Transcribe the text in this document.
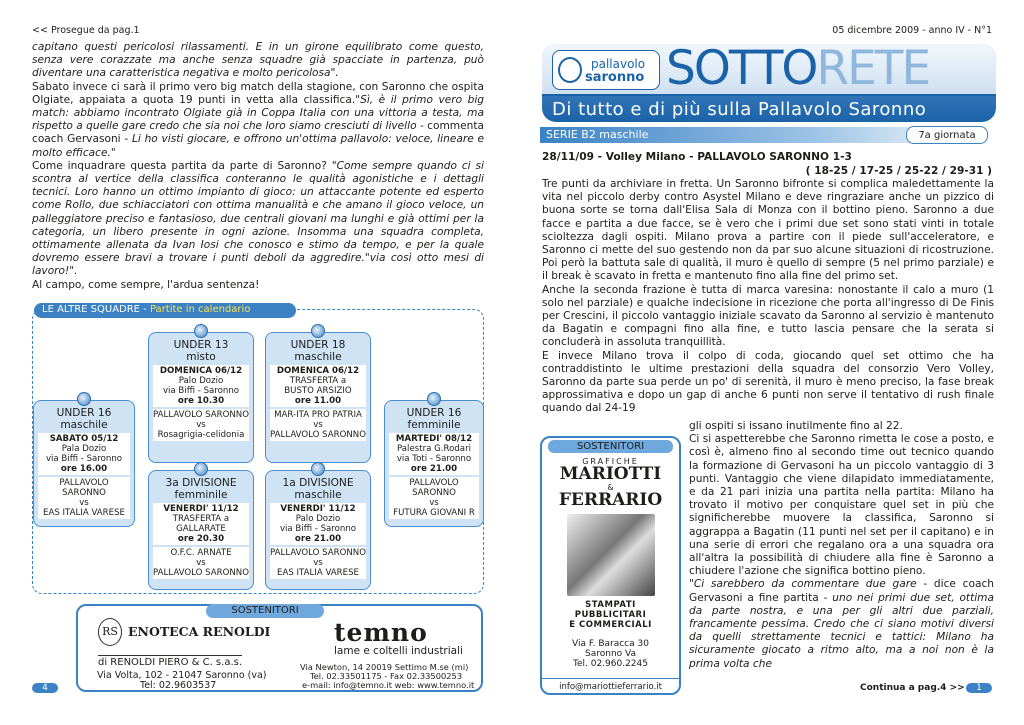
<< Prosegue da pag.1	05 dicembre 2009 - anno IV - N°1
capitano questi pericolosi rilassamenti. E in un girone equilibrato come questo, senza vere corazzate ma anche senza squadre già spacciate in partenza, può diventare una caratteristica negativa e molto pericolosa".
Sabato invece ci sarà il primo vero big match della stagione, con Saronno che ospita Olgiate, appaiata a quota 19 punti in vetta alla classifica."Sì, è il primo vero big match: abbiamo incontrato Olgiate già in Coppa Italia con una vittoria a testa, ma rispetto a quelle gare credo che sia noi che loro siamo cresciuti di livello - commenta coach Gervasoni - Li ho visti giocare, e offrono un'ottima pallavolo: veloce, lineare e molto efficace."
Come inquadrare questa partita da parte di Saronno? "Come sempre quando ci si scontra al vertice della classifica conteranno le qualità agonistiche e i dettagli tecnici. Loro hanno un ottimo impianto di gioco: un attaccante potente ed esperto come Rollo, due schiacciatori con ottima manualità e che amano il gioco veloce, un palleggiatore preciso e fantasioso, due centrali giovani ma lunghi e già ottimi per la categoria, un libero presente in ogni azione. Insomma una squadra completa, ottimamente allenata da Ivan Iosi che conosco e stimo da tempo, e per la quale dovremo essere bravi a trovare i punti deboli da aggredire."via così otto mesi di lavoro!".
Al campo, come sempre, l'ardua sentenza!
LE ALTRE SQUADRE - Partite in calendario
UNDER 13
misto
DOMENICA 06/12
Palo Dozio
via Biffi - Saronno
ore 10.30
PALLAVOLO SARONNO
vs
Rosagrigia-celidonia
UNDER 18
maschile
DOMENICA 06/12
TRASFERTA a
BUSTO ARSIZIO
ore 11.00
MAR-ITA PRO PATRIA
vs
PALLAVOLO SARONNO
UNDER 16
maschile
SABATO 05/12
Pala Dozio
via Biffi - Saronno
ore 16.00
PALLAVOLO SARONNO
vs
EAS ITALIA VARESE
UNDER 16
femminile
MARTEDI' 08/12
Palestra G.Rodari
via Toti - Saronno
ore 21.00
PALLAVOLO SARONNO
vs
FUTURA GIOVANI R
3a DIVISIONE
femminile
VENERDI' 11/12
TRASFERTA a
GALLARATE
ore 20.30
O.F.C. ARNATE
vs
PALLAVOLO SARONNO
1a DIVISIONE
maschile
VENERDI' 11/12
Palo Dozio
via Biffi - Saronno
ore 21.00
PALLAVOLO SARONNO
vs
EAS ITALIA VARESE
SOSTENITORI
RS ENOTECA RENOLDI
di RENOLDI PIERO & C. s.a.s.
Via Volta, 102 - 21047 Saronno (va)
Tel: 02.9603537
temno
lame e coltelli industriali
Via Newton, 14 20019 Settimo M.se (mi)
Tel. 02.33501175 - Fax 02.33500253
e-mail: info@temno.it web: www.temno.it
4
pallavolo
saronno SOTTORETE
Di tutto e di più sulla Pallavolo Saronno
SERIE B2 maschile	7a giornata
28/11/09 - Volley Milano - PALLAVOLO SARONNO 1-3
( 18-25 / 17-25 / 25-22 / 29-31 )

Tre punti da archiviare in fretta. Un Saronno bifronte si complica maledettamente la vita nel piccolo derby contro Asystel Milano e deve ringraziare anche un pizzico di buona sorte se torna dall'Elisa Sala di Monza con il bottino pieno. Saronno a due facce e partita a due facce, se è vero che i primi due set sono stati vinti in totale scioltezza dagli ospiti. Milano prova a partire con il piede sull'acceleratore, e Saronno ci mette del suo gestendo non da par suo alcune situazioni di ricostruzione. Poi però la battuta sale di qualità, il muro è quello di sempre (5 nel primo parziale) e il break è scavato in fretta e mantenuto fino alla fine del primo set.

Anche la seconda frazione è tutta di marca varesina: nonostante il calo a muro (1 solo nel parziale) e qualche indecisione in ricezione che porta all'ingresso di De Finis per Crescini, il piccolo vantaggio iniziale scavato da Saronno al servizio è mantenuto da Bagatin e compagni fino alla fine, e tutto lascia pensare che la serata si concluderà in assoluta tranquillità.

E invece Milano trova il colpo di coda, giocando quel set ottimo che ha contraddistinto le ultime prestazioni della squadra del consorzio Vero Volley, Saronno da parte sua perde un po' di serenità, il muro è meno preciso, la fase break approssimativa e dopo un gap di anche 6 punti non serve il tentativo di rush finale quando dal 24-19

gli ospiti si issano inutilmente fino al 22.

Ci si aspetterebbe che Saronno rimetta le cose a posto, e così è, almeno fino al secondo time out tecnico quando la formazione di Gervasoni ha un piccolo vantaggio di 3 punti. Vantaggio che viene dilapidato immediatamente, e da 21 pari inizia una partita nella partita: Milano ha trovato il motivo per conquistare quel set in più che significherebbe muovere la classifica, Saronno si aggrappa a Bagatin (11 punti nel set per il capitano) e in una serie di errori che regalano ora a una squadra ora all'altra la possibilità di chiudere alla fine è Saronno a chiudere l'azione che significa bottino pieno.

"Ci sarebbero da commentare due gare - dice coach Gervasoni a fine partita - uno nei primi due set, ottima da parte nostra, e una per gli altri due parziali, francamente pessima. Credo che ci siano motivi diversi da quelli strettamente tecnici e tattici: Milano ha sicuramente giocato a ritmo alto, ma a noi non è la prima volta che

SOSTENITORI
GRAFICHE
MARIOTTI
&
FERRARIO
STAMPATI
PUBBLICITARI
E COMMERCIALI
Via F. Baracca 30
Saronno Va
Tel. 02.960.2245
info@mariottieferrario.it	Continua a pag.4 >>	1
